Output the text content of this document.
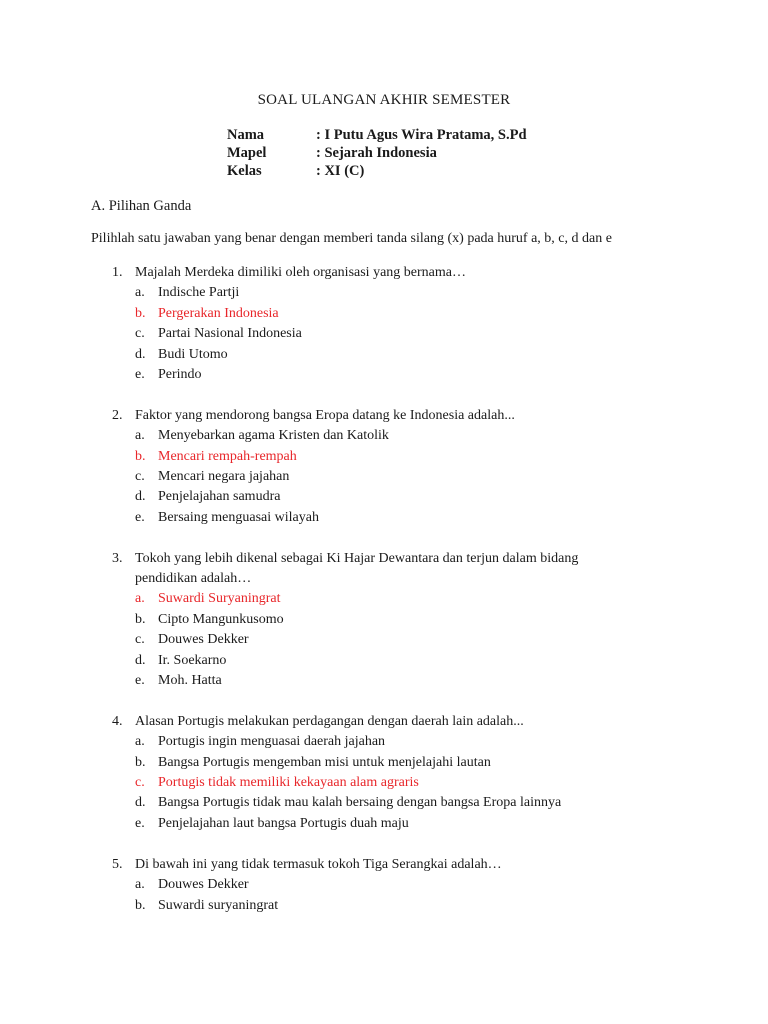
SOAL ULANGAN AKHIR SEMESTER
Nama	: I Putu Agus Wira Pratama, S.Pd
Mapel	: Sejarah Indonesia
Kelas	: XI (C)
A. Pilihan Ganda
Pilihlah satu jawaban yang benar dengan memberi tanda silang (x) pada huruf a, b, c, d dan e
1. Majalah Merdeka dimiliki oleh organisasi yang bernama…
a. Indische Partji
b. Pergerakan Indonesia
c. Partai Nasional Indonesia
d. Budi Utomo
e. Perindo
2. Faktor yang mendorong bangsa Eropa datang ke Indonesia adalah...
a. Menyebarkan agama Kristen dan Katolik
b. Mencari rempah-rempah
c. Mencari negara jajahan
d. Penjelajahan samudra
e. Bersaing menguasai wilayah
3. Tokoh yang lebih dikenal sebagai Ki Hajar Dewantara dan terjun dalam bidang
pendidikan adalah…
a. Suwardi Suryaningrat
b. Cipto Mangunkusomo
c. Douwes Dekker
d. Ir. Soekarno
e. Moh. Hatta
4. Alasan Portugis melakukan perdagangan dengan daerah lain adalah...
a. Portugis ingin menguasai daerah jajahan
b. Bangsa Portugis mengemban misi untuk menjelajahi lautan
c. Portugis tidak memiliki kekayaan alam agraris
d. Bangsa Portugis tidak mau kalah bersaing dengan bangsa Eropa lainnya
e. Penjelajahan laut bangsa Portugis duah maju
5. Di bawah ini yang tidak termasuk tokoh Tiga Serangkai adalah…
a. Douwes Dekker
b. Suwardi suryaningrat
